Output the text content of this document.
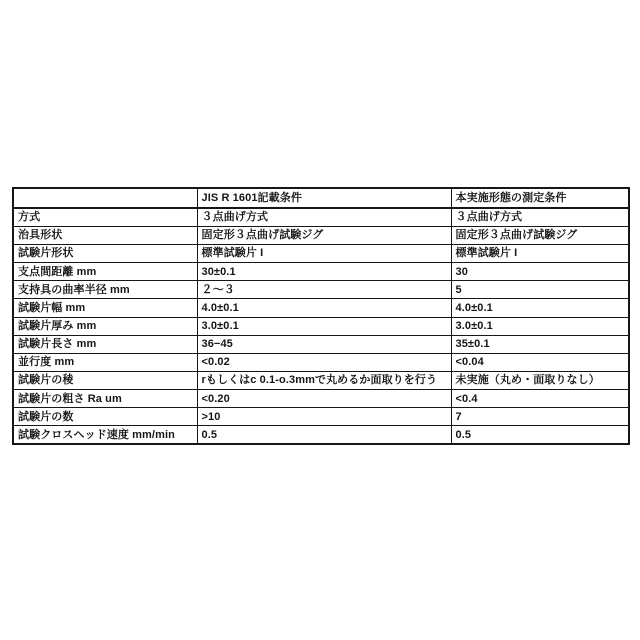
	JIS R 1601記載条件	本実施形態の測定条件
方式	３点曲げ方式	３点曲げ方式
治具形状	固定形３点曲げ試験ジグ	固定形３点曲げ試験ジグ
試験片形状	標準試験片 I	標準試験片 I
支点間距離 mm	30±0.1	30
支持具の曲率半径 mm	２～３	5
試験片幅 mm	4.0±0.1	4.0±0.1
試験片厚み mm	3.0±0.1	3.0±0.1
試験片長さ mm	36−45	35±0.1
並行度 mm	<0.02	<0.04
試験片の稜	rもしくはc 0.1-o.3mmで丸めるか面取りを行う	未実施（丸め・面取りなし）
試験片の粗さ Ra um	<0.20	<0.4
試験片の数	>10	7
試験クロスヘッド速度 mm/min	0.5	0.5
